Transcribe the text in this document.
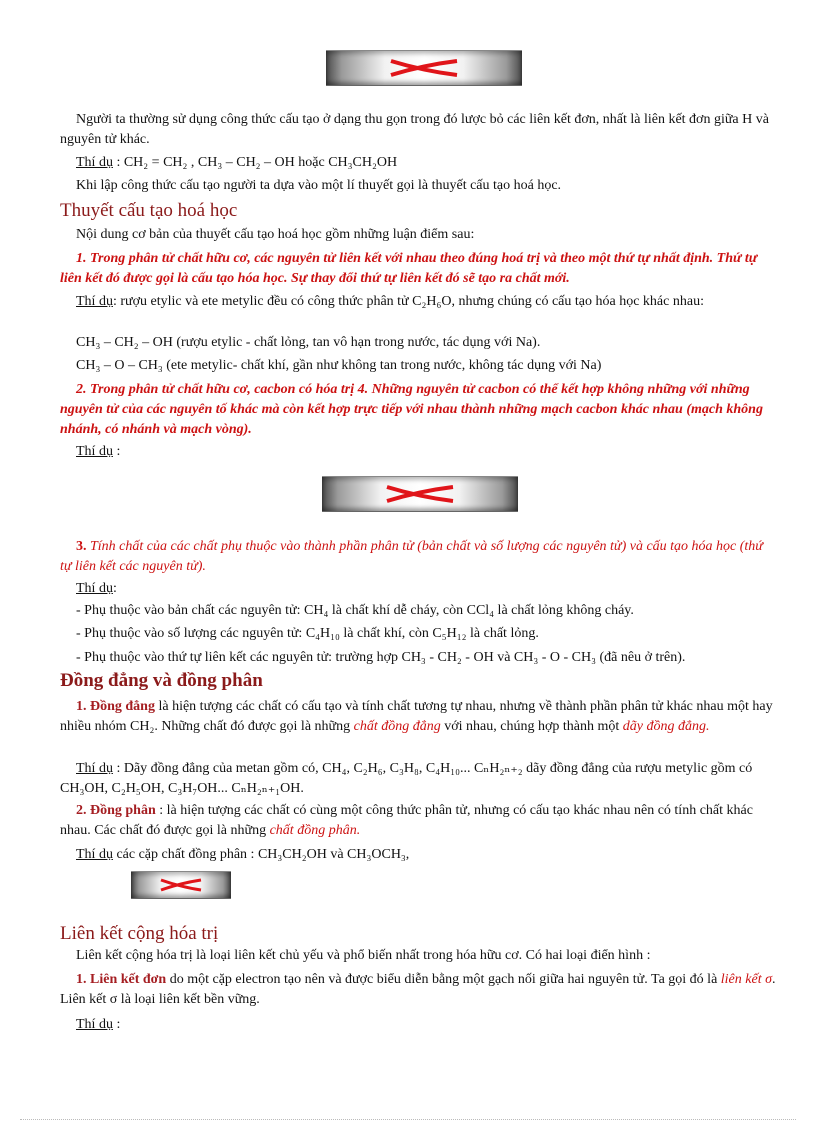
Người ta thường sử dụng công thức cấu tạo ở dạng thu gọn trong đó lược bỏ các liên kết đơn, nhất là liên kết đơn giữa H và nguyên tử khác.
Thí dụ : CH₂ = CH₂ , CH₃ – CH₂ – OH hoặc CH₃CH₂OH
Khi lập công thức cấu tạo người ta dựa vào một lí thuyết gọi là thuyết cấu tạo hoá học.
Thuyết cấu tạo hoá học
Nội dung cơ bản của thuyết cấu tạo hoá học gồm những luận điểm sau:
1. Trong phân tử chất hữu cơ, các nguyên tử liên kết với nhau theo đúng hoá trị và theo một thứ tự nhất định. Thứ tự liên kết đó được gọi là cấu tạo hóa học. Sự thay đổi thứ tự liên kết đó sẽ tạo ra chất mới.
Thí dụ: rượu etylic và ete metylic đều có công thức phân tử C₂H₆O, nhưng chúng có cấu tạo hóa học khác nhau:
CH₃ – CH₂ – OH (rượu etylic - chất lỏng, tan vô hạn trong nước, tác dụng với Na).
CH₃ – O – CH₃ (ete metylic- chất khí, gần như không tan trong nước, không tác dụng với Na)
2. Trong phân tử chất hữu cơ, cacbon có hóa trị 4. Những nguyên tử cacbon có thể kết hợp không những với những nguyên tử của các nguyên tố khác mà còn kết hợp trực tiếp với nhau thành những mạch cacbon khác nhau (mạch không nhánh, có nhánh và mạch vòng).
Thí dụ :
3. Tính chất của các chất phụ thuộc vào thành phần phân tử (bản chất và số lượng các nguyên tử) và cấu tạo hóa học (thứ tự liên kết các nguyên tử).
Thí dụ:
- Phụ thuộc vào bản chất các nguyên tử: CH₄ là chất khí dễ cháy, còn CCl₄ là chất lỏng không cháy.
- Phụ thuộc vào số lượng các nguyên tử: C₄H₁₀ là chất khí, còn C₅H₁₂ là chất lỏng.
- Phụ thuộc vào thứ tự liên kết các nguyên tử: trường hợp CH₃ - CH₂ - OH và CH₃ - O - CH₃ (đã nêu ở trên).
Đồng đẳng và đồng phân
1. Đồng đẳng là hiện tượng các chất có cấu tạo và tính chất tương tự nhau, nhưng về thành phần phân tử khác nhau một hay nhiều nhóm CH₂. Những chất đó được gọi là những chất đồng đẳng với nhau, chúng hợp thành một dãy đồng đẳng.
Thí dụ : Dãy đồng đẳng của metan gồm có, CH₄, C₂H₆, C₃H₈, C₄H₁₀... CₙH₂ₙ₊₂ dãy đồng đẳng của rượu metylic gồm có CH₃OH, C₂H₅OH, C₃H₇OH... CₙH₂ₙ₊₁OH.
2. Đồng phân : là hiện tượng các chất có cùng một công thức phân tử, nhưng có cấu tạo khác nhau nên có tính chất khác nhau. Các chất đó được gọi là những chất đồng phân.
Thí dụ các cặp chất đồng phân : CH₃CH₂OH và CH₃OCH₃,
Liên kết cộng hóa trị
Liên kết cộng hóa trị là loại liên kết chủ yếu và phổ biến nhất trong hóa hữu cơ. Có hai loại điển hình :
1. Liên kết đơn do một cặp electron tạo nên và được biểu diễn bằng một gạch nối giữa hai nguyên tử. Ta gọi đó là liên kết σ. Liên kết σ là loại liên kết bền vững.
Thí dụ :
